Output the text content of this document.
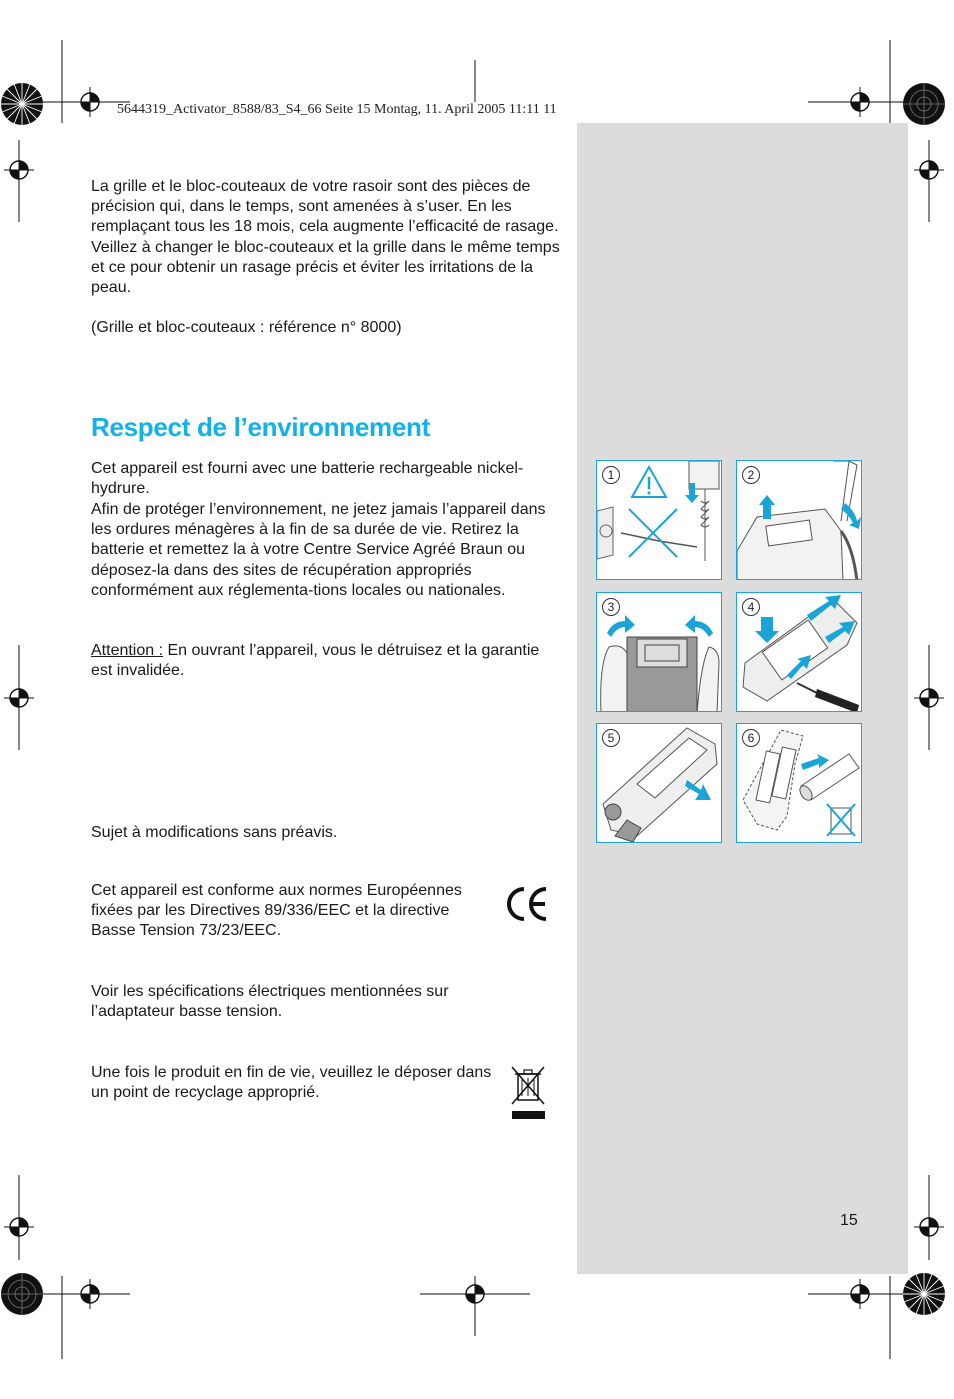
5644319_Activator_8588/83_S4_66 Seite 15 Montag, 11. April 2005 11:11 11

La grille et le bloc-couteaux de votre rasoir sont des pièces de précision qui, dans le temps, sont amenées à s’user. En les remplaçant tous les 18 mois, cela augmente l’efficacité de rasage. Veillez à changer le bloc-couteaux et la grille dans le même temps et ce pour obtenir un rasage précis et éviter les irritations de la peau.

(Grille et bloc-couteaux : référence n° 8000)

Respect de l’environnement

Cet appareil est fourni avec une batterie rechargeable nickel-hydrure.

Afin de protéger l’environnement, ne jetez jamais l’appareil dans les ordures ménagères à la fin de sa durée de vie. Retirez la batterie et remettez la à votre Centre Service Agréé Braun ou déposez-la dans des sites de récupération appropriés conformément aux réglementa-tions locales ou nationales.

Attention : En ouvrant l’appareil, vous le détruisez et la garantie est invalidée.

Sujet à modifications sans préavis.

Cet appareil est conforme aux normes Européennes fixées par les Directives 89/336/EEC et la directive Basse Tension 73/23/EEC.

Voir les spécifications électriques mentionnées sur l’adaptateur basse tension.

Une fois le produit en fin de vie, veuillez le déposer dans un point de recyclage approprié.

1	2
3	4
5	6
15
